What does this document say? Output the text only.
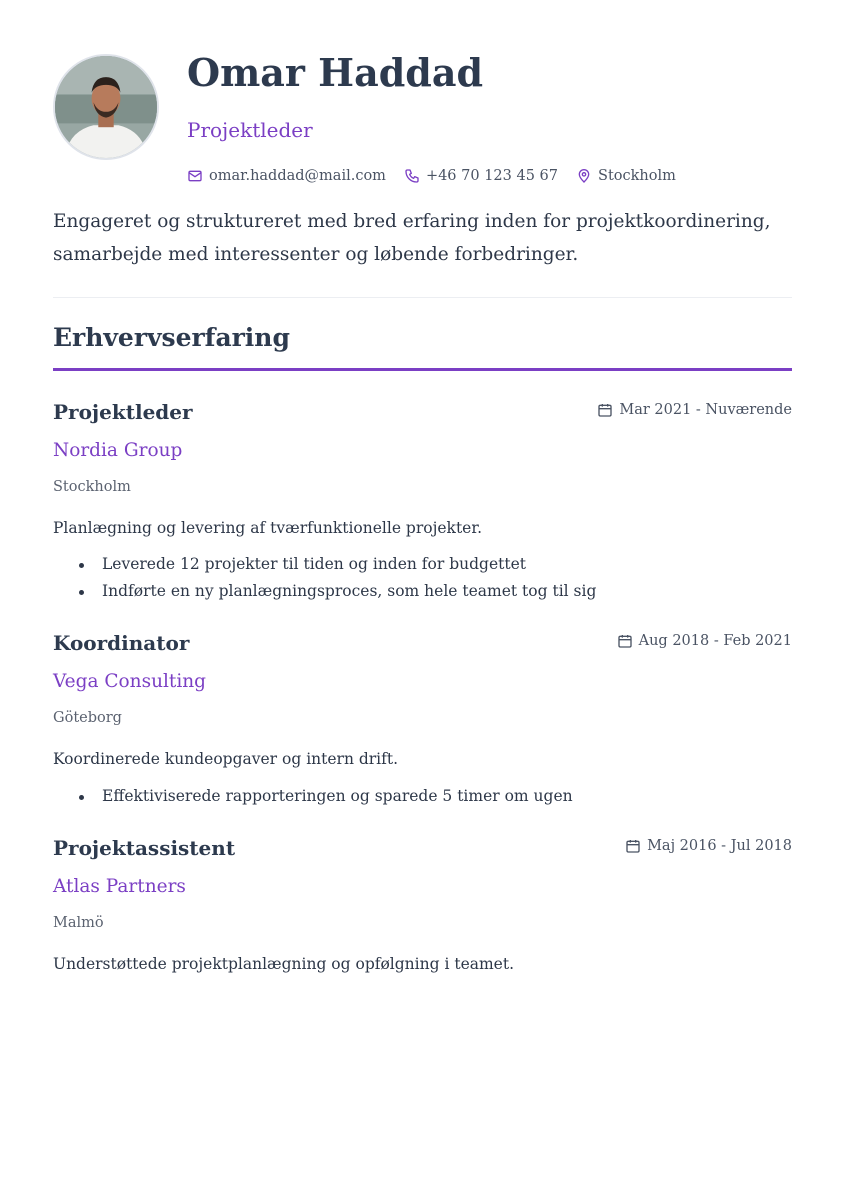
Omar Haddad
Projektleder
omar.haddad@mail.com	+46 70 123 45 67	Stockholm
Engageret og struktureret med bred erfaring inden for projektkoordinering, samarbejde med interessenter og løbende forbedringer.
Erhvervserfaring
Projektleder	Mar 2021 - Nuværende
Nordia Group
Stockholm
Planlægning og levering af tværfunktionelle projekter.
Leverede 12 projekter til tiden og inden for budgettet
Indførte en ny planlægningsproces, som hele teamet tog til sig
Koordinator	Aug 2018 - Feb 2021
Vega Consulting
Göteborg
Koordinerede kundeopgaver og intern drift.
Effektiviserede rapporteringen og sparede 5 timer om ugen
Projektassistent	Maj 2016 - Jul 2018
Atlas Partners
Malmö
Understøttede projektplanlægning og opfølgning i teamet.
